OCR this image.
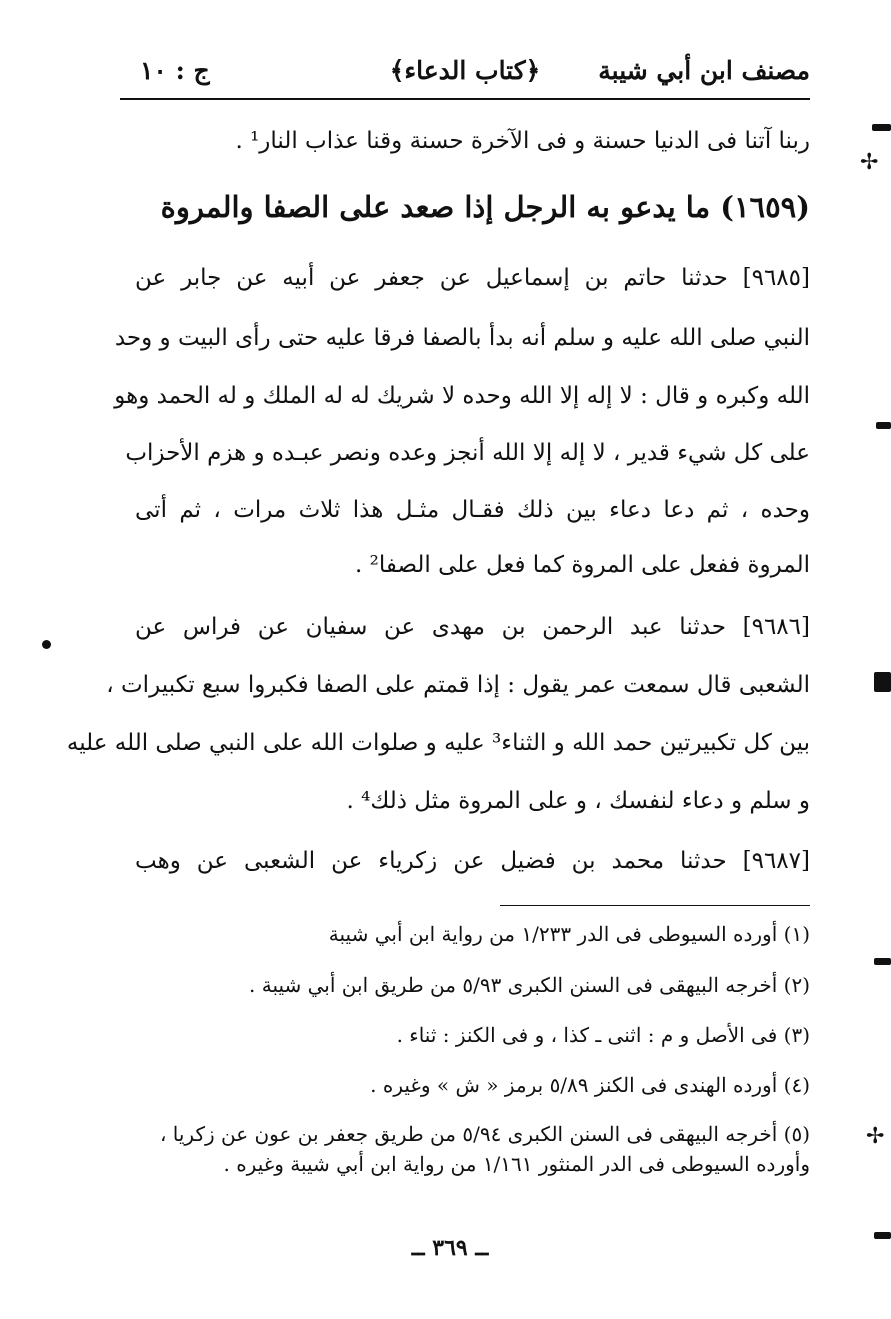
مصنف ابن أبي شيبة
﴿كتاب الدعاء﴾
ج : ١٠
ربنا آتنا فى الدنيا حسنة و فى الآخرة حسنة وقنا عذاب النار¹ .
(١٦٥٩) ما يدعو به الرجل إذا صعد على الصفا والمروة
[٩٦٨٥] حدثنا حاتم بن إسماعيل عن جعفر عن أبيه عن جابر عن
النبي صلى الله عليه و سلم أنه بدأ بالصفا فرقا عليه حتى رأى البيت و وحد
الله وكبره و قال : لا إله إلا الله وحده لا شريك له له الملك و له الحمد وهو
على كل شيء قدير ، لا إله إلا الله أنجز وعده ونصر عبـده و هزم الأحزاب
وحده ، ثم دعا دعاء بين ذلك فقـال مثـل هذا ثلاث مرات ، ثم أتى
المروة ففعل على المروة كما فعل على الصفا² .
[٩٦٨٦] حدثنا عبد الرحمن بن مهدى عن سفيان عن فراس عن
الشعبى قال سمعت عمر يقول : إذا قمتم على الصفا فكبروا سبع تكبيرات ،
بين كل تكبيرتين حمد الله و الثناء³ عليه و صلوات الله على النبي صلى الله عليه
و سلم و دعاء لنفسك ، و على المروة مثل ذلك⁴ .
[٩٦٨٧] حدثنا محمد بن فضيل عن زكرياء عن الشعبى عن وهب
(١) أورده السيوطى فى الدر ١/٢٣٣ من رواية ابن أبي شيبة
(٢) أخرجه البيهقى فى السنن الكبرى ٥/٩٣ من طريق ابن أبي شيبة .
(٣) فى الأصل و م : اثنى ـ كذا ، و فى الكنز : ثناء .
(٤) أورده الهندى فى الكنز ٥/٨٩ برمز « ش » وغيره .
(٥) أخرجه البيهقى فى السنن الكبرى ٥/٩٤ من طريق جعفر بن عون عن زكريا ،
وأورده السيوطى فى الدر المنثور ١/١٦١ من رواية ابن أبي شيبة وغيره .
ــ ٣٦٩ ــ
✢
✢
